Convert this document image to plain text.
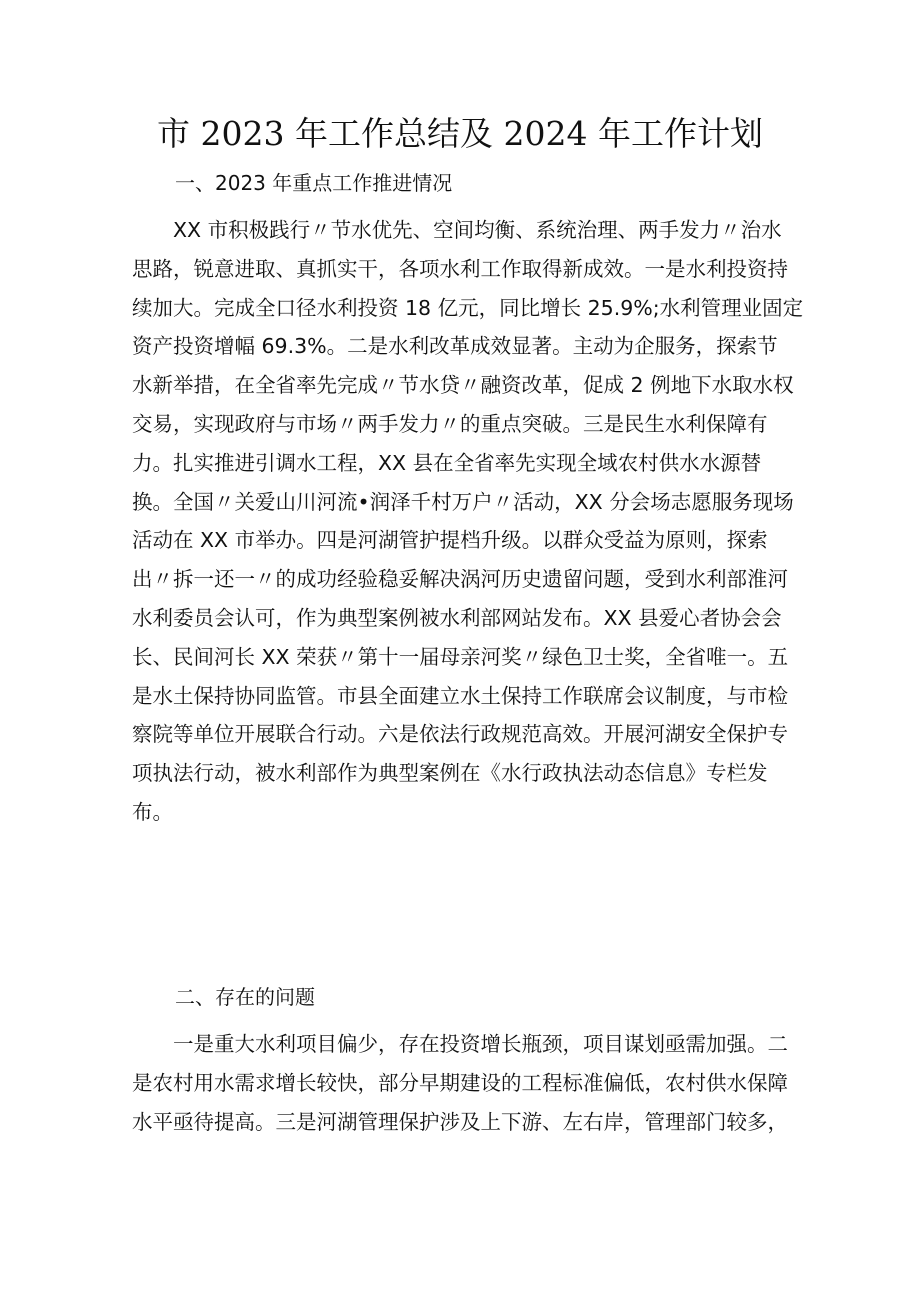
市 2023 年工作总结及 2024 年工作计划
一、2023 年重点工作推进情况

　　XX 市积极践行〃节水优先、空间均衡、系统治理、两手发力〃治水
思路，锐意进取、真抓实干，各项水利工作取得新成效。一是水利投资持
续加大。完成全口径水利投资 18 亿元，同比增长 25.9%;水利管理业固定
资产投资增幅 69.3%。二是水利改革成效显著。主动为企服务，探索节
水新举措，在全省率先完成〃节水贷〃融资改革，促成 2 例地下水取水权
交易，实现政府与市场〃两手发力〃的重点突破。三是民生水利保障有
力。扎实推进引调水工程，XX 县在全省率先实现全域农村供水水源替
换。全国〃关爱山川河流•润泽千村万户〃活动，XX 分会场志愿服务现场
活动在 XX 市举办。四是河湖管护提档升级。以群众受益为原则，探索
出〃拆一还一〃的成功经验稳妥解决涡河历史遗留问题，受到水利部淮河
水利委员会认可，作为典型案例被水利部网站发布。XX 县爱心者协会会
长、民间河长 XX 荣获〃第十一届母亲河奖〃绿色卫士奖，全省唯一。五
是水土保持协同监管。市县全面建立水土保持工作联席会议制度，与市检
察院等单位开展联合行动。六是依法行政规范高效。开展河湖安全保护专
项执法行动，被水利部作为典型案例在《水行政执法动态信息》专栏发
布。

二、存在的问题

　　一是重大水利项目偏少，存在投资增长瓶颈，项目谋划亟需加强。二
是农村用水需求增长较快，部分早期建设的工程标准偏低，农村供水保障
水平亟待提高。三是河湖管理保护涉及上下游、左右岸，管理部门较多，
